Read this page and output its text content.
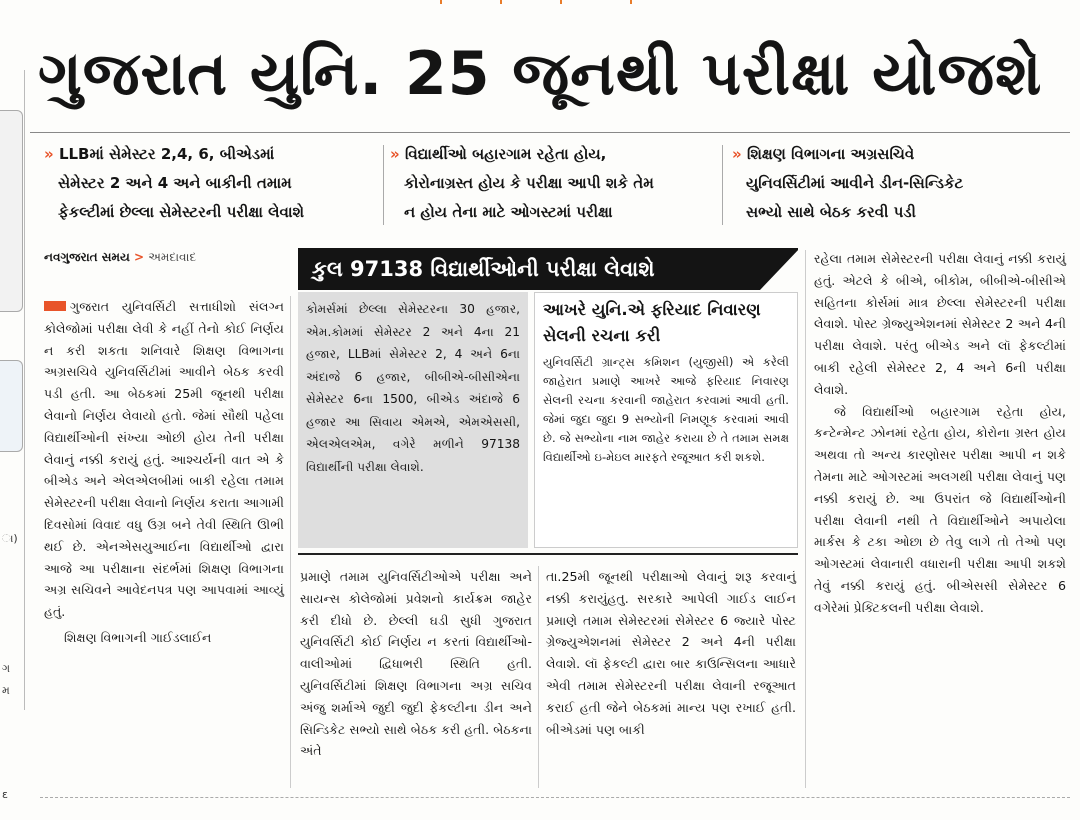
ા)
ગ
મ
ε
ગુજરાત યુનિ. 25 જૂનથી પરીક્ષા યોજશે
» LLBમાં સેમેસ્ટર 2,4, 6, બીએડમાં
સેમેસ્ટર 2 અને 4 અને બાકીની તમામ
ફેકલ્ટીમાં છેલ્લા સેમેસ્ટરની પરીક્ષા લેવાશે
» વિદ્યાર્થીઓ બહારગામ રહેતા હોય,
કોરોનાગ્રસ્ત હોય કે પરીક્ષા આપી શકે તેમ
ન હોય તેના માટે ઓગસ્ટમાં પરીક્ષા
» શિક્ષણ વિભાગના અગ્રસચિવે
યુનિવર્સિટીમાં આવીને ડીન-સિન્ડિકેટ
સભ્યો સાથે બેઠક કરવી પડી
નવગુજરાત સમય > અમદાવાદ

ગુજરાત યુનિવર્સિટી સત્તાધીશો સંલગ્ન કોલેજોમાં પરીક્ષા લેવી કે નહીં તેનો કોઈ નિર્ણય ન કરી શકતા શનિવારે શિક્ષણ વિભાગના અગ્રસચિવે યુનિવર્સિટીમાં આવીને બેઠક કરવી પડી હતી. આ બેઠકમાં 25મી જૂનથી પરીક્ષા લેવાનો નિર્ણય લેવાયો હતો. જેમાં સૌથી પહેલા વિદ્યાર્થીઓની સંખ્યા ઓછી હોય તેની પરીક્ષા લેવાનું નક્કી કરાયું હતું. આશ્ચર્યની વાત એ કે બીએડ અને એલએલબીમાં બાકી રહેલા તમામ સેમેસ્ટરની પરીક્ષા લેવાનો નિર્ણય કરાતા આગામી દિવસોમાં વિવાદ વધુ ઉગ્ર બને તેવી સ્થિતિ ઊભી થઈ છે. એનએસયુઆઈના વિદ્યાર્થીઓ દ્વારા આજે આ પરીક્ષાના સંદર્ભમાં શિક્ષણ વિભાગના અગ્ર સચિવને આવેદનપત્ર પણ આપવામાં આવ્યું હતું.

શિક્ષણ વિભાગની ગાઈડલાઈન

કુલ 97138 વિદ્યાર્થીઓની પરીક્ષા લેવાશે
કોમર્સમાં છેલ્લા સેમેસ્ટરના 30 હજાર, એમ.કોમમાં સેમેસ્ટર 2 અને 4ના 21 હજાર, LLBમાં સેમેસ્ટર 2, 4 અને 6ના અંદાજે 6 હજાર, બીબીએ-બીસીએના સેમેસ્ટર 6ના 1500, બીએડ અંદાજે 6 હજાર આ સિવાય એમએ, એમએસસી, એલએલએમ, વગેરે મળીને 97138 વિદ્યાર્થીની પરીક્ષા લેવાશે.
આખરે યુનિ.એ ફરિયાદ નિવારણ સેલની રચના કરી

યુનિવર્સિટી ગ્રાન્ટ્સ કમિશન (યુજીસી) એ કરેલી જાહેરાત પ્રમાણે આખરે આજે ફરિયાદ નિવારણ સેલની રચના કરવાની જાહેરાત કરવામાં આવી હતી. જેમાં જુદા જુદા 9 સભ્યોની નિમણૂક કરવામાં આવી છે. જે સભ્યોના નામ જાહેર કરાયા છે તે તમામ સમક્ષ વિદ્યાર્થીઓ ઇ-મેઇલ મારફતે રજૂઆત કરી શકશે.

પ્રમાણે તમામ યુનિવર્સિટીઓએ પરીક્ષા અને સાયન્સ કોલેજોમાં પ્રવેશનો કાર્યક્રમ જાહેર કરી દીધો છે. છેલ્લી ઘડી સુધી ગુજરાત યુનિવર્સિટી કોઈ નિર્ણય ન કરતાં વિદ્યાર્થીઓ-વાલીઓમાં દ્વિધાભરી સ્થિતિ હતી. યુનિવર્સિટીમાં શિક્ષણ વિભાગના અગ્ર સચિવ અંજુ શર્માએ જુદી જુદી ફેકલ્ટીના ડીન અને સિન્ડિકેટ સભ્યો સાથે બેઠક કરી હતી. બેઠકના અંતે
તા.25મી જૂનથી પરીક્ષાઓ લેવાનું શરૂ કરવાનું નક્કી કરાયુંહતુ. સરકારે આપેલી ગાઈડ લાઈન પ્રમાણે તમામ સેમેસ્ટરમાં સેમેસ્ટર 6 જ્યારે પોસ્ટ ગ્રેજ્યુએશનમાં સેમેસ્ટર 2 અને 4ની પરીક્ષા લેવાશે. લૉ ફેકલ્ટી દ્વારા બાર કાઉન્સિલના આધારે એવી તમામ સેમેસ્ટરની પરીક્ષા લેવાની રજૂઆત કરાઈ હતી જેને બેઠકમાં માન્ય પણ રખાઈ હતી. બીએડમાં પણ બાકી

રહેલા તમામ સેમેસ્ટરની પરીક્ષા લેવાનું નક્કી કરાયું હતું. એટલે કે બીએ, બીકોમ, બીબીએ-બીસીએ સહિતના કોર્સમાં માત્ર છેલ્લા સેમેસ્ટરની પરીક્ષા લેવાશે. પોસ્ટ ગ્રેજ્યુએશનમાં સેમેસ્ટર 2 અને 4ની પરીક્ષા લેવાશે. પરંતુ બીએડ અને લૉ ફેકલ્ટીમાં બાકી રહેલી સેમેસ્ટર 2, 4 અને 6ની પરીક્ષા લેવાશે.

જે વિદ્યાર્થીઓ બહારગામ રહેતા હોય, કન્ટેન્મેન્ટ ઝોનમાં રહેતા હોય, કોરોના ગ્રસ્ત હોય અથવા તો અન્ય કારણોસર પરીક્ષા આપી ન શકે તેમના માટે ઓગસ્ટમાં અલગથી પરીક્ષા લેવાનું પણ નક્કી કરાયું છે. આ ઉપરાંત જે વિદ્યાર્થીઓની પરીક્ષા લેવાની નથી તે વિદ્યાર્થીઓને અપાયેલા માર્કસ કે ટકા ઓછા છે તેવુ લાગે તો તેઓ પણ ઓગસ્ટમાં લેવાનારી વધારાની પરીક્ષા આપી શકશે તેવું નક્કી કરાયું હતું. બીએસસી સેમેસ્ટર 6 વગેરેમાં પ્રેક્ટિકલની પરીક્ષા લેવાશે.
